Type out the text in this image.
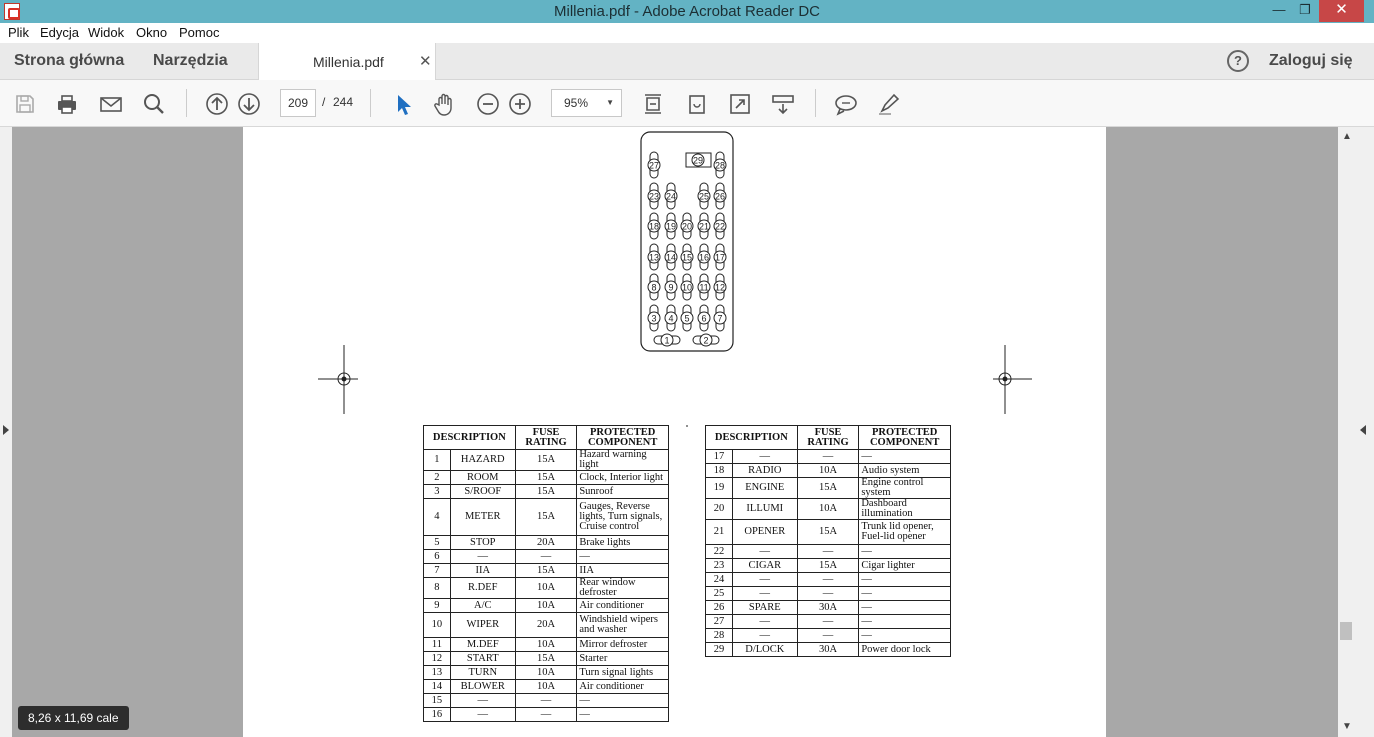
Millenia.pdf - Adobe Acrobat Reader DC	—	❐	✕
Plik Edycja Widok Okno Pomoc
Strona główna Narzędzia	Millenia.pdf ✕	?	Zaloguj się
209	/ 244	95% ▼
1	2
3 4 5 6 7
8 9 10 11 12
13 14 15 16 17
18 19 20 21 22
23 24	25 26
27	28
29
DESCRIPTION		FUSE RATING	PROTECTED COMPONENT
1	HAZARD	15A	Hazard warning light
2	ROOM	15A	Clock, Interior light
3	S/ROOF	15A	Sunroof
4	METER	15A	Gauges, Reverse lights, Turn signals, Cruise control
5	STOP	20A	Brake lights
6	—	—	—
7	IIA	15A	IIA
8	R.DEF	10A	Rear window defroster
9	A/C	10A	Air conditioner
10	WIPER	20A	Windshield wipers and washer
11	M.DEF	10A	Mirror defroster
12	START	15A	Starter
13	TURN	10A	Turn signal lights
14	BLOWER	10A	Air conditioner
15	—	—	—
16	—	—	—
DESCRIPTION		FUSE RATING	PROTECTED COMPONENT
17	—	—	—
18	RADIO	10A	Audio system
19	ENGINE	15A	Engine control system
20	ILLUMI	10A	Dashboard illumination
21	OPENER	15A	Trunk lid opener, Fuel-lid opener
22	—	—	—
23	CIGAR	15A	Cigar lighter
24	—	—	—
25	—	—	—
26	SPARE	30A	—
27	—	—	—
28	—	—	—
29	D/LOCK	30A	Power door lock
▲
▼
8,26 x 11,69 cale
